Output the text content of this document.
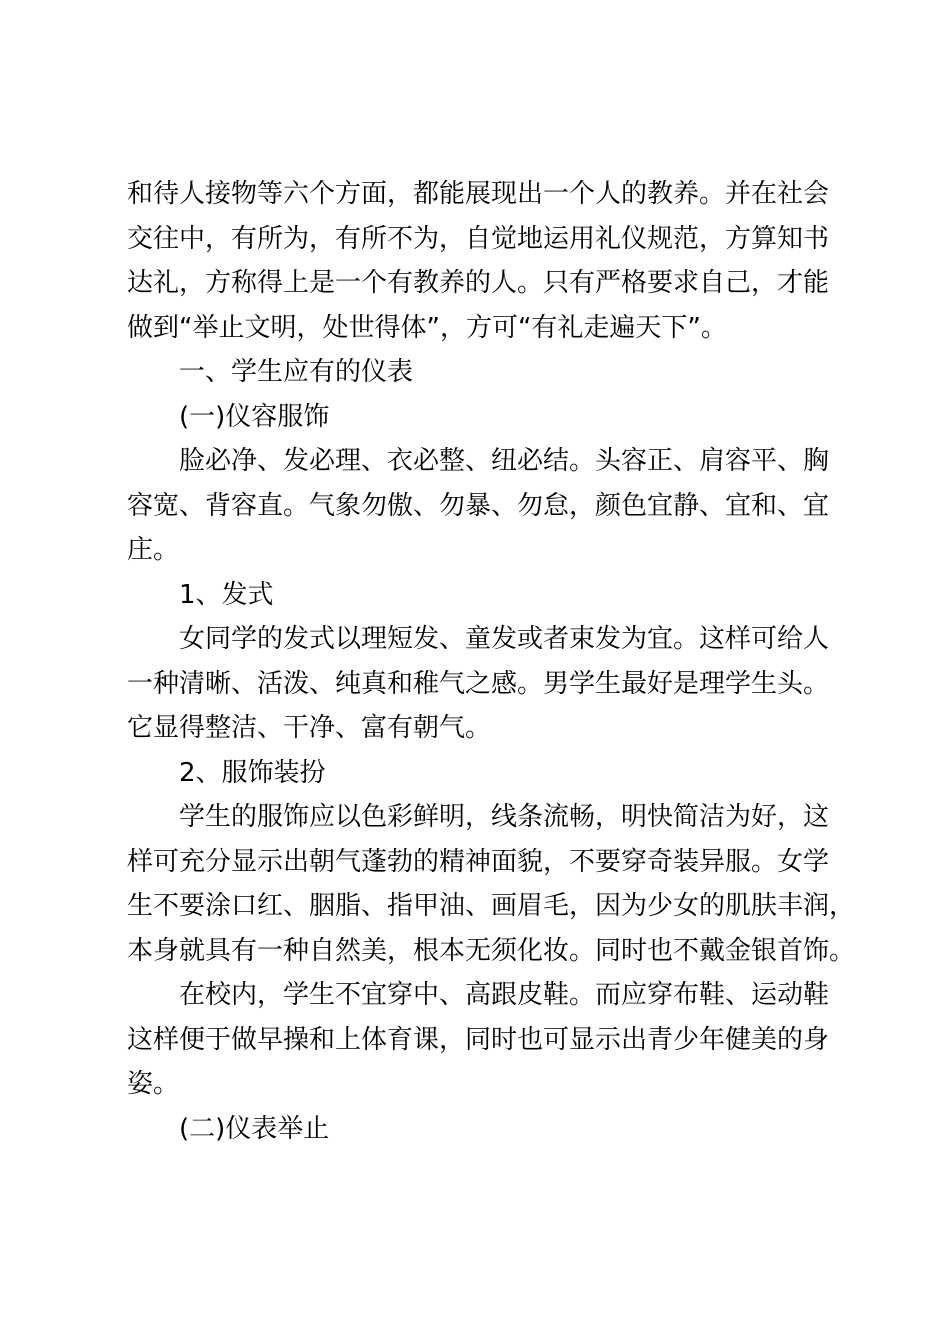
和待人接物等六个方面，都能展现出一个人的教养。并在社会
交往中，有所为，有所不为，自觉地运用礼仪规范，方算知书
达礼，方称得上是一个有教养的人。只有严格要求自己，才能
做到“举止文明，处世得体”，方可“有礼走遍天下”。
一、学生应有的仪表
(一)仪容服饰
脸必净、发必理、衣必整、纽必结。头容正、肩容平、胸
容宽、背容直。气象勿傲、勿暴、勿怠，颜色宜静、宜和、宜
庄。
1、发式
女同学的发式以理短发、童发或者束发为宜。这样可给人
一种清晰、活泼、纯真和稚气之感。男学生最好是理学生头。
它显得整洁、干净、富有朝气。
2、服饰装扮
学生的服饰应以色彩鲜明，线条流畅，明快简洁为好，这
样可充分显示出朝气蓬勃的精神面貌，不要穿奇装异服。女学
生不要涂口红、胭脂、指甲油、画眉毛，因为少女的肌肤丰润，
本身就具有一种自然美，根本无须化妆。同时也不戴金银首饰。
在校内，学生不宜穿中、高跟皮鞋。而应穿布鞋、运动鞋
这样便于做早操和上体育课，同时也可显示出青少年健美的身
姿。
(二)仪表举止
